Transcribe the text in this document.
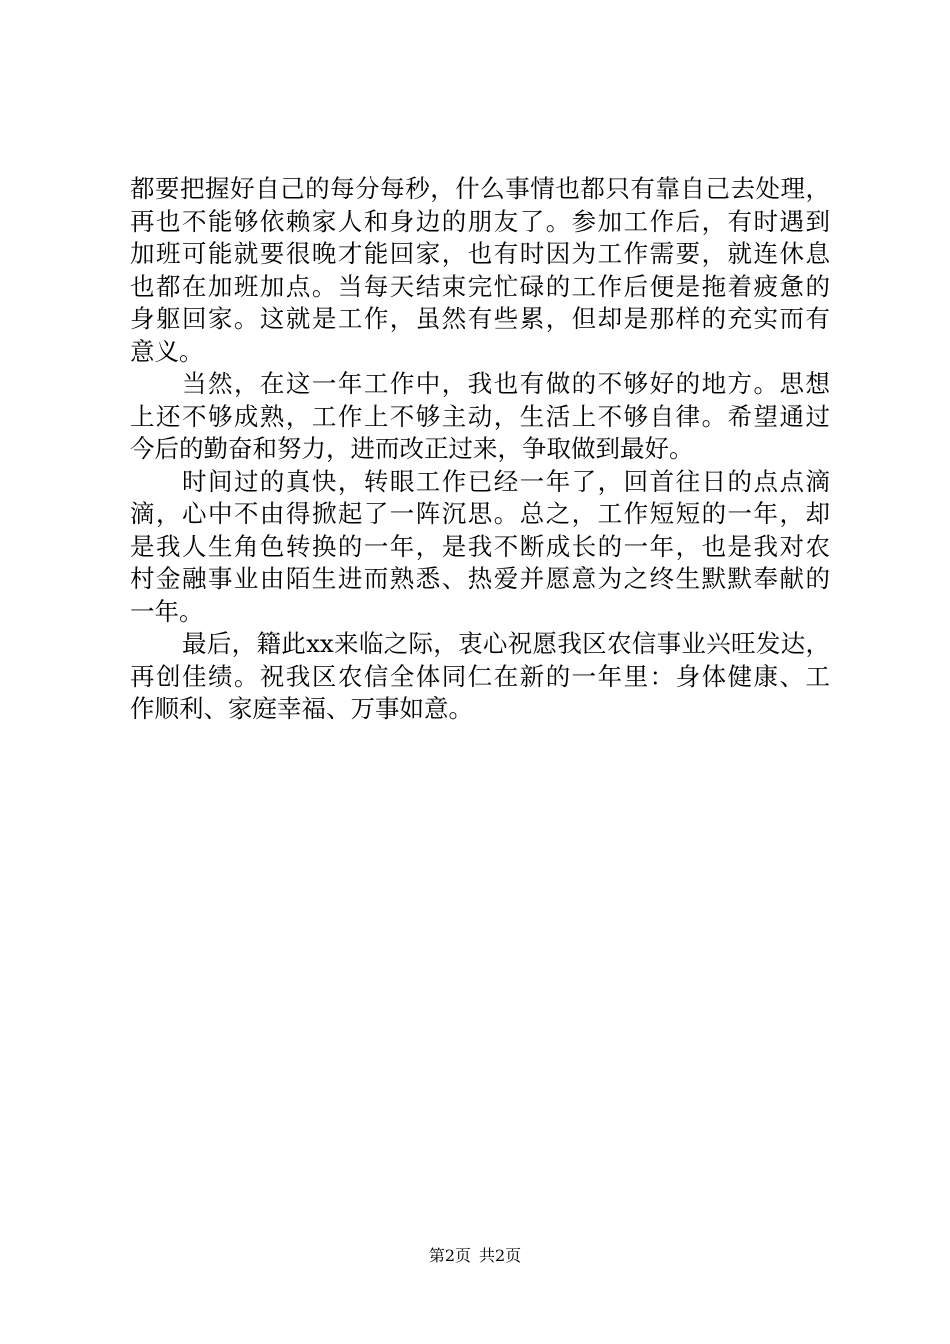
都要把握好自己的每分每秒，什么事情也都只有靠自己去处理，
再也不能够依赖家人和身边的朋友了。参加工作后，有时遇到
加班可能就要很晚才能回家，也有时因为工作需要，就连休息
也都在加班加点。当每天结束完忙碌的工作后便是拖着疲惫的
身躯回家。这就是工作，虽然有些累，但却是那样的充实而有
意义。
当然，在这一年工作中，我也有做的不够好的地方。思想
上还不够成熟，工作上不够主动，生活上不够自律。希望通过
今后的勤奋和努力，进而改正过来，争取做到最好。
时间过的真快，转眼工作已经一年了，回首往日的点点滴
滴，心中不由得掀起了一阵沉思。总之，工作短短的一年，却
是我人生角色转换的一年，是我不断成长的一年，也是我对农
村金融事业由陌生进而熟悉、热爱并愿意为之终生默默奉献的
一年。
最后，籍此xx来临之际，衷心祝愿我区农信事业兴旺发达，
再创佳绩。祝我区农信全体同仁在新的一年里：身体健康、工
作顺利、家庭幸福、万事如意。
第2页 共2页
